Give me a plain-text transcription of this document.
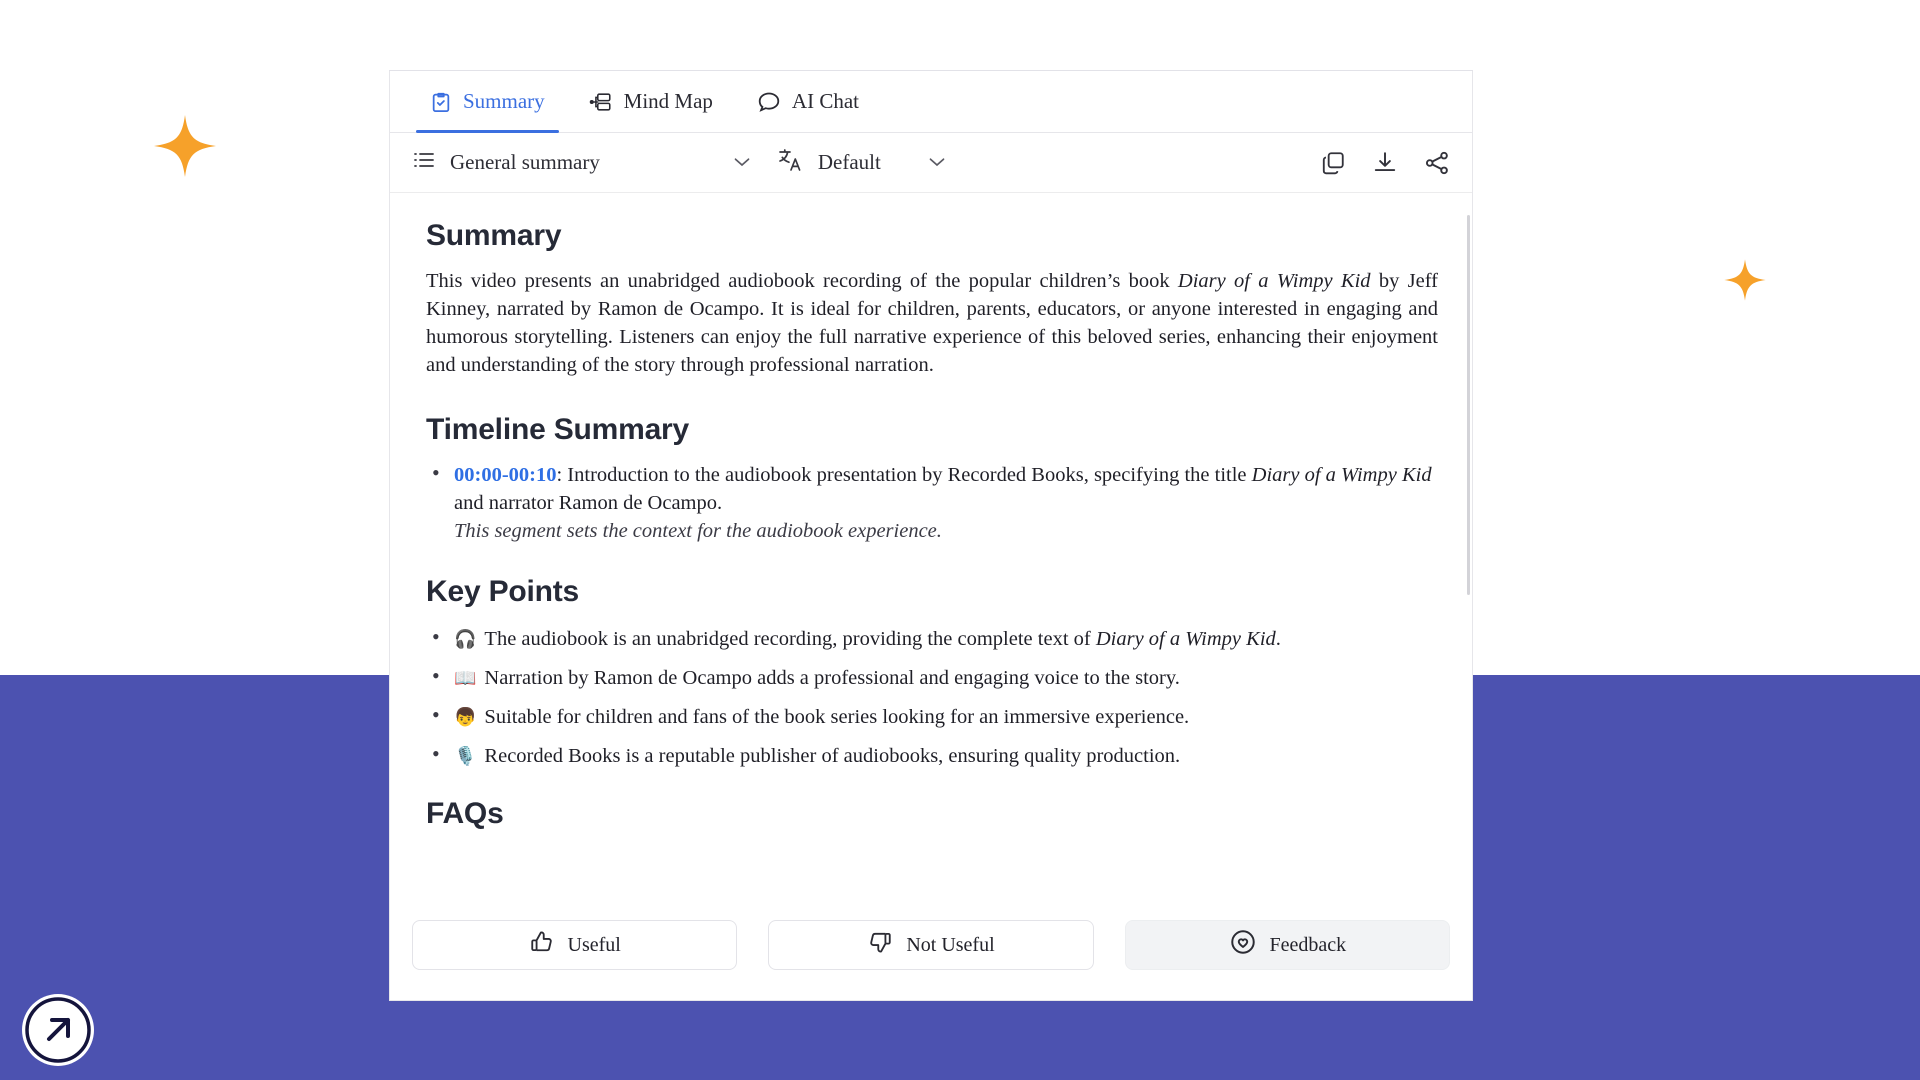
Summary	Mind Map	AI Chat
General summary	Default
Summary

This video presents an unabridged audiobook recording of the popular children’s book Diary of a Wimpy Kid by Jeff Kinney, narrated by Ramon de Ocampo. It is ideal for children, parents, educators, or anyone interested in engaging and humorous storytelling. Listeners can enjoy the full narrative experience of this beloved series, enhancing their enjoyment and understanding of the story through professional narration.

Timeline Summary
• 00:00-00:10: Introduction to the audiobook presentation by Recorded Books, specifying the title Diary of a Wimpy Kid and narrator Ramon de Ocampo.
This segment sets the context for the audiobook experience.
Key Points
• 🎧 The audiobook is an unabridged recording, providing the complete text of Diary of a Wimpy Kid.
• 📖 Narration by Ramon de Ocampo adds a professional and engaging voice to the story.
• 👦 Suitable for children and fans of the book series looking for an immersive experience.
• 🎙️ Recorded Books is a reputable publisher of audiobooks, ensuring quality production.
FAQs
Useful	Not Useful	Feedback
